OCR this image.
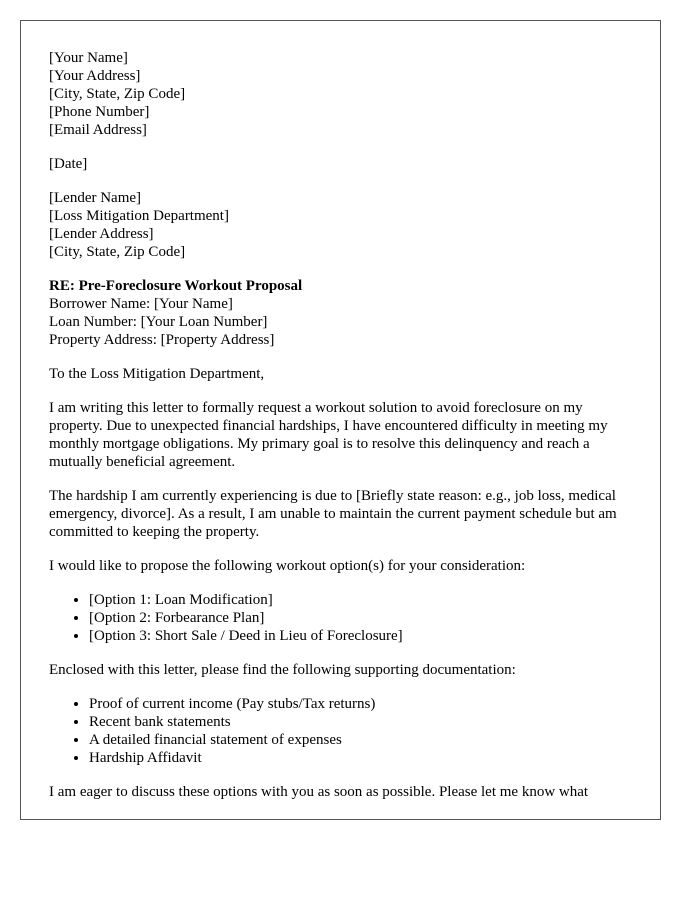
[Your Name]
[Your Address]
[City, State, Zip Code]
[Phone Number]
[Email Address]
[Date]
[Lender Name]
[Loss Mitigation Department]
[Lender Address]
[City, State, Zip Code]
RE: Pre-Foreclosure Workout Proposal
Borrower Name: [Your Name]
Loan Number: [Your Loan Number]
Property Address: [Property Address]

To the Loss Mitigation Department,

I am writing this letter to formally request a workout solution to avoid foreclosure on my property. Due to unexpected financial hardships, I have encountered difficulty in meeting my monthly mortgage obligations. My primary goal is to resolve this delinquency and reach a mutually beneficial agreement.

The hardship I am currently experiencing is due to [Briefly state reason: e.g., job loss, medical emergency, divorce]. As a result, I am unable to maintain the current payment schedule but am committed to keeping the property.

I would like to propose the following workout option(s) for your consideration:

• [Option 1: Loan Modification]
• [Option 2: Forbearance Plan]
• [Option 3: Short Sale / Deed in Lieu of Foreclosure]

Enclosed with this letter, please find the following supporting documentation:

• Proof of current income (Pay stubs/Tax returns)
• Recent bank statements
• A detailed financial statement of expenses
• Hardship Affidavit

I am eager to discuss these options with you as soon as possible. Please let me know what
